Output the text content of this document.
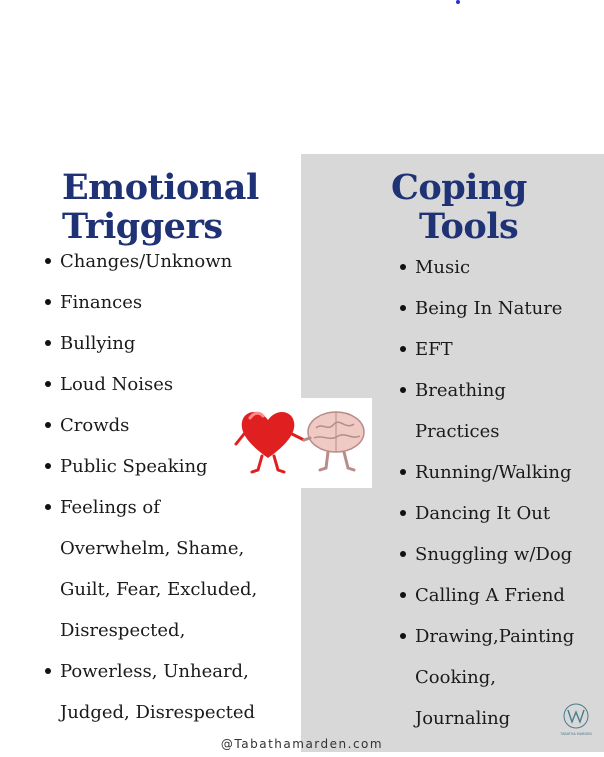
Emotional
Triggers
Coping
Tools
Changes/Unknown
Finances
Bullying
Loud Noises
Crowds
Public Speaking
Feelings of
Overwhelm, Shame,
Guilt, Fear, Excluded,
Disrespected,
Powerless, Unheard,
Judged, Disrespected
Music
Being In Nature
EFT
Breathing
Practices
Running/Walking
Dancing It Out
Snuggling w/Dog
Calling A Friend
Drawing,Painting
Cooking,
Journaling
@Tabathamarden.com
TABATHA MARDEN
